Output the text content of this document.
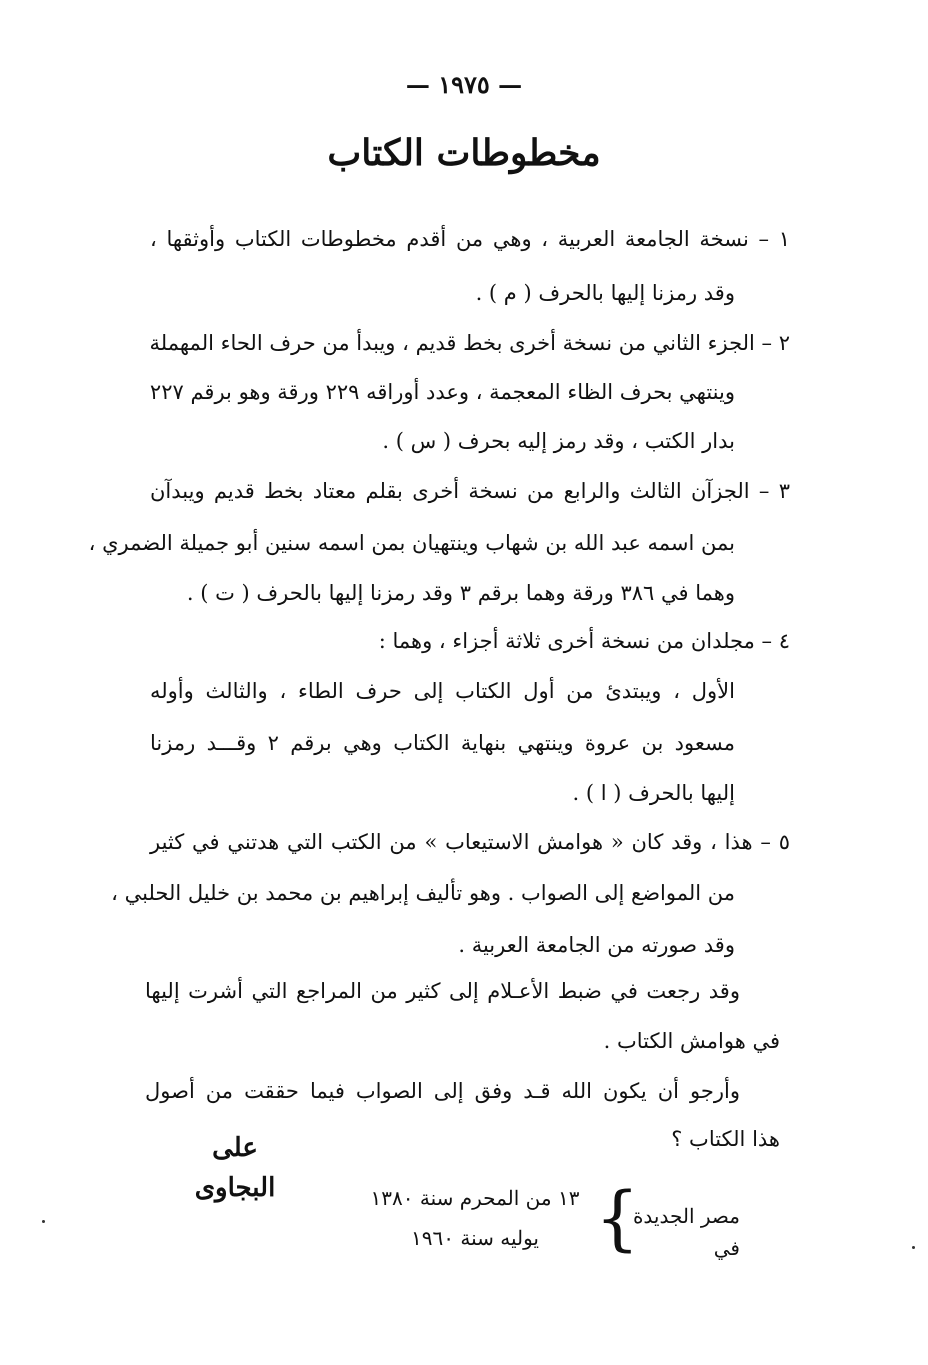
— ١٩٧٥ —
مخطوطات الكتاب
١ – نسخة الجامعة العربية ، وهي من أقدم مخطوطات الكتاب وأوثقها ،
وقد رمزنا إليها بالحرف ( م ) .
٢ – الجزء الثاني من نسخة أخرى بخط قديم ، ويبدأ من حرف الحاء المهملة
وينتهي بحرف الظاء المعجمة ، وعدد أوراقه ٢٢٩ ورقة وهو برقم ٢٢٧
بدار الكتب ، وقد رمز إليه بحرف ( س ) .
٣ – الجزآن الثالث والرابع من نسخة أخرى بقلم معتاد بخط قديم ويبدآن
بمن اسمه عبد الله بن شهاب وينتهيان بمن اسمه سنين أبو جميلة الضمري ،
وهما في ٣٨٦ ورقة وهما برقم ٣ وقد رمزنا إليها بالحرف ( ت ) .
٤ – مجلدان من نسخة أخرى ثلاثة أجزاء ، وهما :
الأول ، ويبتدئ من أول الكتاب إلى حرف الطاء ، والثالث وأوله
مسعود بن عروة وينتهي بنهاية الكتاب وهي برقم ٢ وقـــد رمزنا
إليها بالحرف ( ا ) .
٥ – هذا ، وقد كان « هوامش الاستيعاب » من الكتب التي هدتني في كثير
من المواضع إلى الصواب . وهو تأليف إبراهيم بن محمد بن خليل الحلبي ،
وقد صورته من الجامعة العربية .
وقد رجعت في ضبط الأعـلام إلى كثير من المراجع التي أشرت إليها
في هوامش الكتاب .
وأرجو أن يكون الله قـد وفق إلى الصواب فيما حققت من أصول
هذا الكتاب ؟
على البجاوى	١٣ من المحرم سنة ١٣٨٠
يوليه سنة ١٩٦٠ {
مصر الجديدة في
